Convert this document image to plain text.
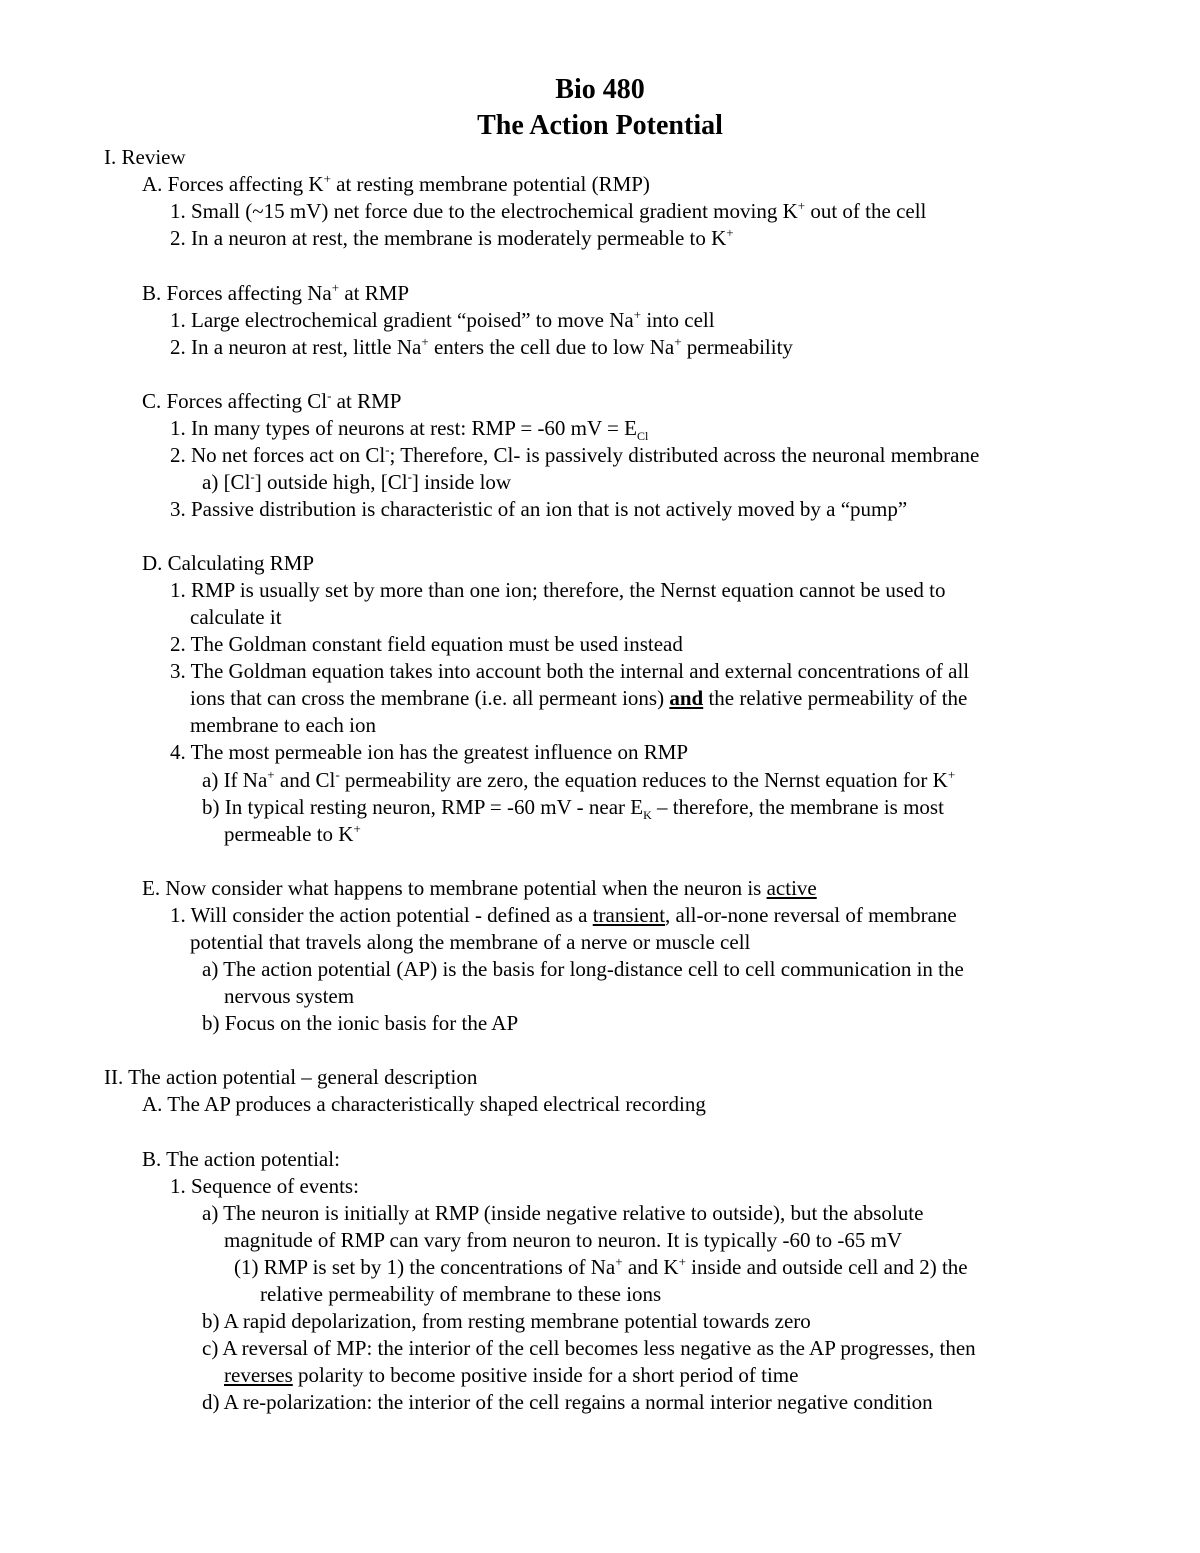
Bio 480
The Action Potential
I. Review
A. Forces affecting K+ at resting membrane potential (RMP)
1. Small (~15 mV) net force due to the electrochemical gradient moving K+ out of the cell
2. In a neuron at rest, the membrane is moderately permeable to K+
B. Forces affecting Na+ at RMP
1. Large electrochemical gradient “poised” to move Na+ into cell
2. In a neuron at rest, little Na+ enters the cell due to low Na+ permeability
C. Forces affecting Cl- at RMP
1. In many types of neurons at rest: RMP = -60 mV = $E_{Cl}$
2. No net forces act on Cl-; Therefore, Cl- is passively distributed across the neuronal membrane
a) [Cl-] outside high, [Cl-] inside low
3. Passive distribution is characteristic of an ion that is not actively moved by a “pump”
D. Calculating RMP
1. RMP is usually set by more than one ion; therefore, the Nernst equation cannot be used to
calculate it
2. The Goldman constant field equation must be used instead
3. The Goldman equation takes into account both the internal and external concentrations of all
ions that can cross the membrane (i.e. all permeant ions) and the relative permeability of the
membrane to each ion
4. The most permeable ion has the greatest influence on RMP
a) If Na+ and Cl- permeability are zero, the equation reduces to the Nernst equation for K+
b) In typical resting neuron, RMP = -60 mV - near $E_K$ – therefore, the membrane is most
permeable to K+
E. Now consider what happens to membrane potential when the neuron is active
1. Will consider the action potential - defined as a transient, all-or-none reversal of membrane
potential that travels along the membrane of a nerve or muscle cell
a) The action potential (AP) is the basis for long-distance cell to cell communication in the
nervous system
b) Focus on the ionic basis for the AP
II. The action potential – general description
A. The AP produces a characteristically shaped electrical recording
B. The action potential:
1. Sequence of events:
a) The neuron is initially at RMP (inside negative relative to outside), but the absolute
magnitude of RMP can vary from neuron to neuron. It is typically -60 to -65 mV
(1) RMP is set by 1) the concentrations of Na+ and K+ inside and outside cell and 2) the
relative permeability of membrane to these ions
b) A rapid depolarization, from resting membrane potential towards zero
c) A reversal of MP: the interior of the cell becomes less negative as the AP progresses, then
reverses polarity to become positive inside for a short period of time
d) A re-polarization: the interior of the cell regains a normal interior negative condition
